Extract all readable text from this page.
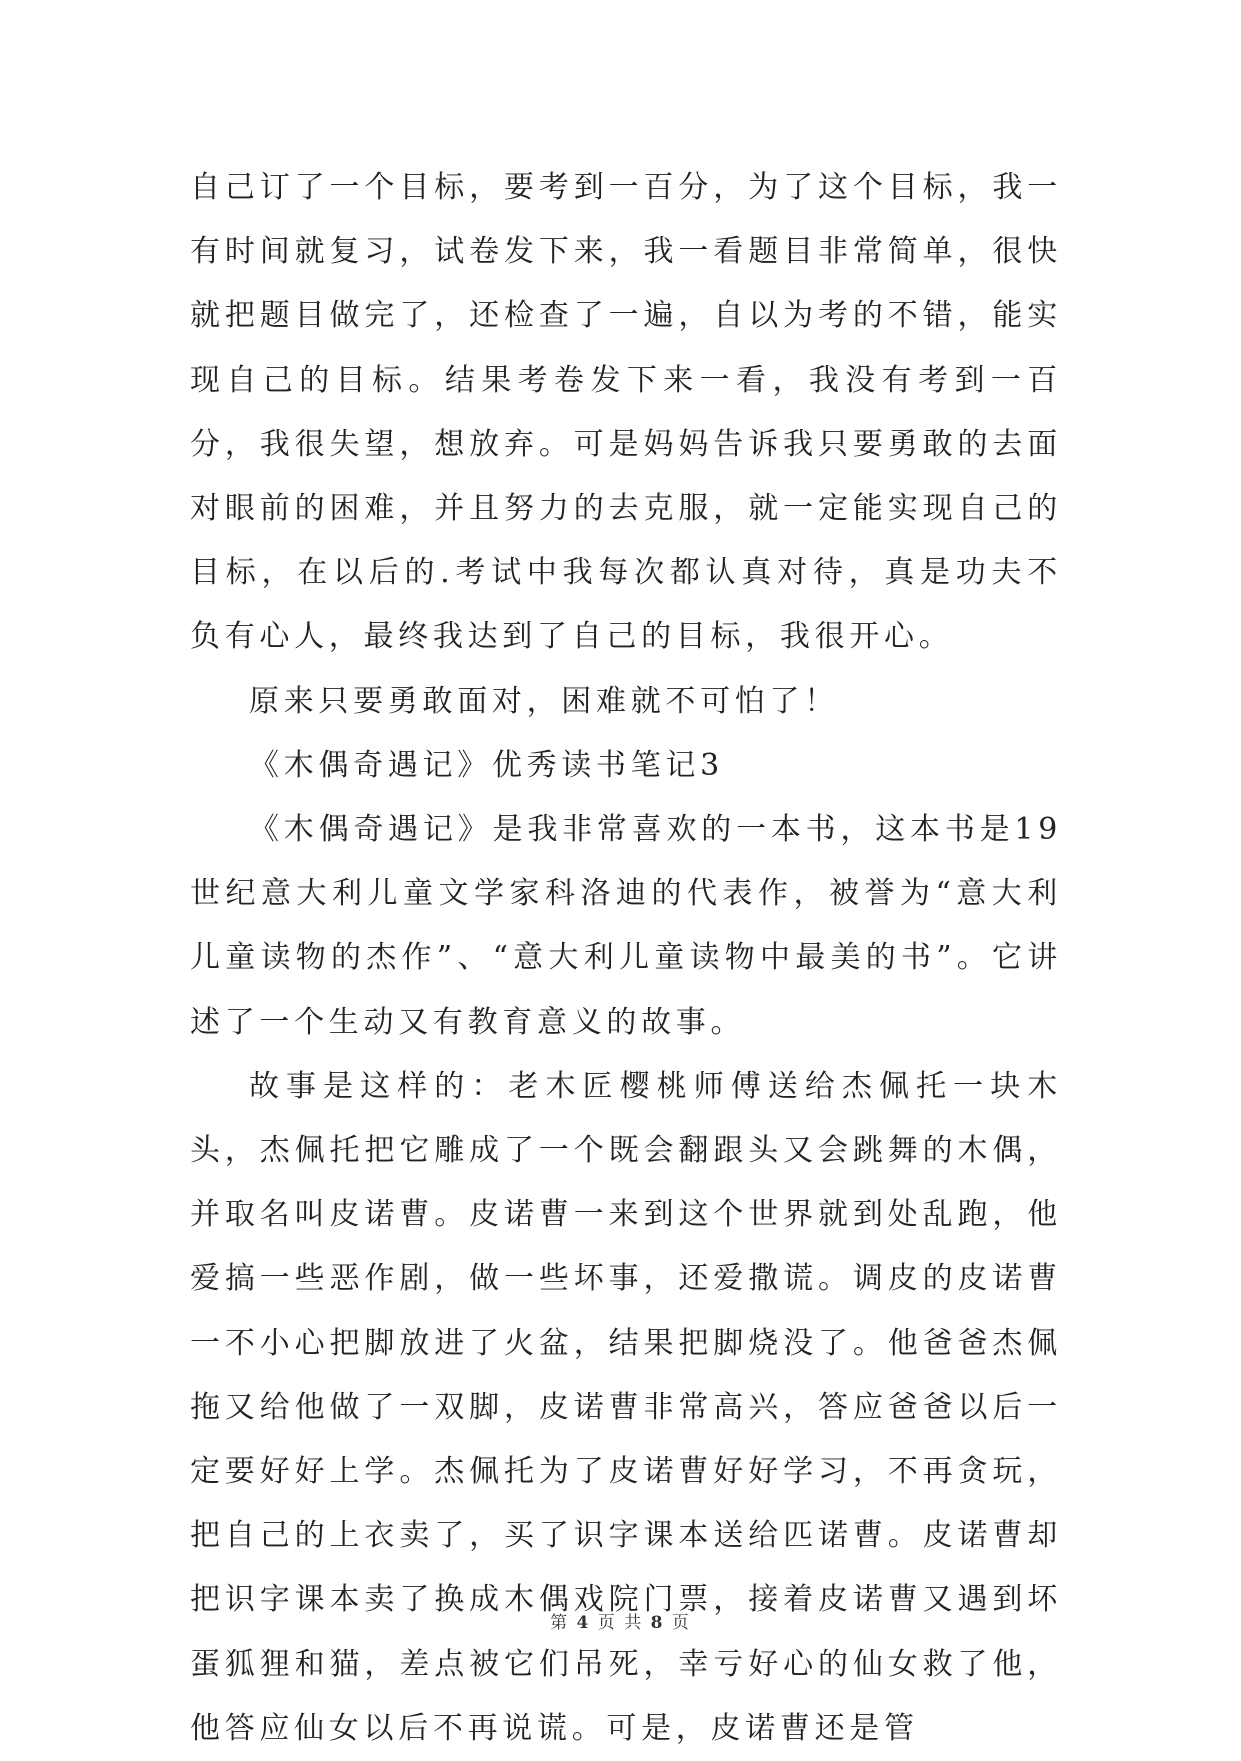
自己订了一个目标，要考到一百分，为了这个目标，我一有时间就复习，试卷发下来，我一看题目非常简单，很快就把题目做完了，还检查了一遍，自以为考的不错，能实现自己的目标。结果考卷发下来一看，我没有考到一百分，我很失望，想放弃。可是妈妈告诉我只要勇敢的去面对眼前的困难，并且努力的去克服，就一定能实现自己的目标，在以后的.考试中我每次都认真对待，真是功夫不负有心人，最终我达到了自己的目标，我很开心。

原来只要勇敢面对，困难就不可怕了！

《木偶奇遇记》优秀读书笔记3

《木偶奇遇记》是我非常喜欢的一本书，这本书是19世纪意大利儿童文学家科洛迪的代表作，被誉为“意大利儿童读物的杰作”、“意大利儿童读物中最美的书”。它讲述了一个生动又有教育意义的故事。

故事是这样的：老木匠樱桃师傅送给杰佩托一块木头，杰佩托把它雕成了一个既会翻跟头又会跳舞的木偶，并取名叫皮诺曹。皮诺曹一来到这个世界就到处乱跑，他爱搞一些恶作剧，做一些坏事，还爱撒谎。调皮的皮诺曹一不小心把脚放进了火盆，结果把脚烧没了。他爸爸杰佩拖又给他做了一双脚，皮诺曹非常高兴，答应爸爸以后一定要好好上学。杰佩托为了皮诺曹好好学习，不再贪玩，把自己的上衣卖了，买了识字课本送给匹诺曹。皮诺曹却把识字课本卖了换成木偶戏院门票，接着皮诺曹又遇到坏蛋狐狸和猫，差点被它们吊死，幸亏好心的仙女救了他，他答应仙女以后不再说谎。可是，皮诺曹还是管

第 4 页 共 8 页
